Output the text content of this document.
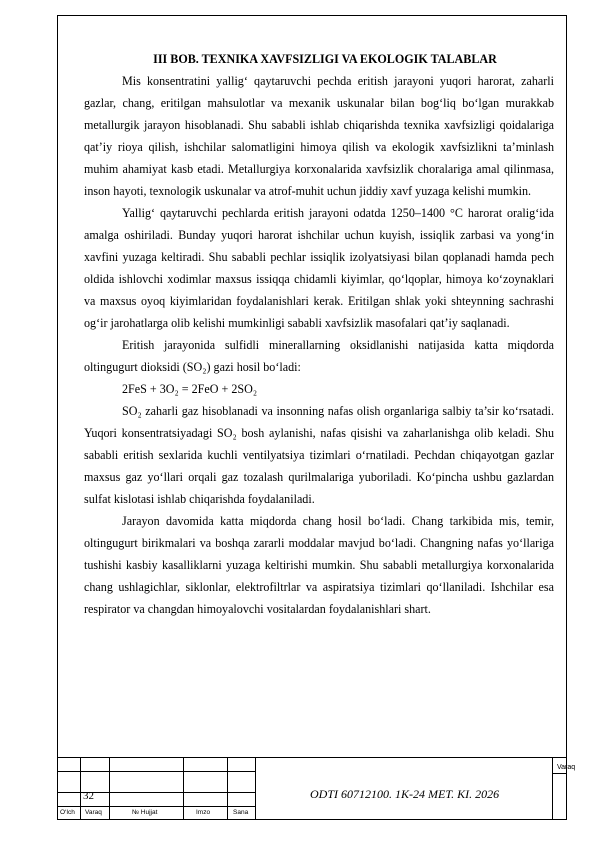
III BOB. TEXNIKA XAVFSIZLIGI VA EKOLOGIK TALABLAR

Mis konsentratini yallig‘ qaytaruvchi pechda eritish jarayoni yuqori harorat, zaharli gazlar, chang, eritilgan mahsulotlar va mexanik uskunalar bilan bog‘liq bo‘lgan murakkab metallurgik jarayon hisoblanadi. Shu sababli ishlab chiqarishda texnika xavfsizligi qoidalariga qat’iy rioya qilish, ishchilar salomatligini himoya qilish va ekologik xavfsizlikni ta’minlash muhim ahamiyat kasb etadi. Metallurgiya korxonalarida xavfsizlik choralariga amal qilinmasa, inson hayoti, texnologik uskunalar va atrof-muhit uchun jiddiy xavf yuzaga kelishi mumkin.

Yallig‘ qaytaruvchi pechlarda eritish jarayoni odatda 1250–1400 °C harorat oralig‘ida amalga oshiriladi. Bunday yuqori harorat ishchilar uchun kuyish, issiqlik zarbasi va yong‘in xavfini yuzaga keltiradi. Shu sababli pechlar issiqlik izolyatsiyasi bilan qoplanadi hamda pech oldida ishlovchi xodimlar maxsus issiqqa chidamli kiyimlar, qo‘lqoplar, himoya ko‘zoynaklari va maxsus oyoq kiyimlaridan foydalanishlari kerak. Eritilgan shlak yoki shteynning sachrashi og‘ir jarohatlarga olib kelishi mumkinligi sababli xavfsizlik masofalari qat’iy saqlanadi.

Eritish jarayonida sulfidli minerallarning oksidlanishi natijasida katta miqdorda oltingugurt dioksidi (SO₂) gazi hosil bo‘ladi:

2FeS + 3O₂ = 2FeO + 2SO₂

SO₂ zaharli gaz hisoblanadi va insonning nafas olish organlariga salbiy ta’sir ko‘rsatadi. Yuqori konsentratsiyadagi SO₂ bosh aylanishi, nafas qisishi va zaharlanishga olib keladi. Shu sababli eritish sexlarida kuchli ventilyatsiya tizimlari o‘rnatiladi. Pechdan chiqayotgan gazlar maxsus gaz yo‘llari orqali gaz tozalash qurilmalariga yuboriladi. Ko‘pincha ushbu gazlardan sulfat kislotasi ishlab chiqarishda foydalaniladi.

Jarayon davomida katta miqdorda chang hosil bo‘ladi. Chang tarkibida mis, temir, oltingugurt birikmalari va boshqa zararli moddalar mavjud bo‘ladi. Changning nafas yo‘llariga tushishi kasbiy kasalliklarni yuzaga keltirishi mumkin. Shu sababli metallurgiya korxonalarida chang ushlagichlar, siklonlar, elektrofiltrlar va aspiratsiya tizimlari qo‘llaniladi. Ishchilar esa respirator va changdan himoyalovchi vositalardan foydalanishlari shart.

Varaq
32	ODTI 60712100. 1K-24 MET. KI. 2026
O‘lch Varaq	№ Hujjat	Imzo	Sana
